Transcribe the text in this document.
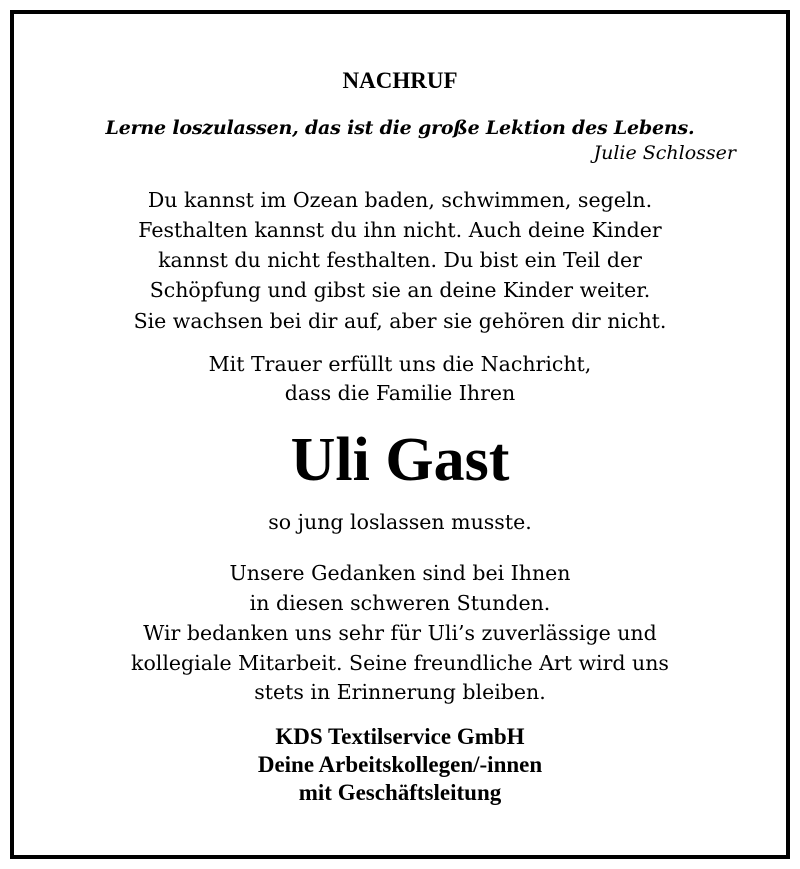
NACHRUF
Lerne loszulassen, das ist die große Lektion des Lebens.
Julie Schlosser
Du kannst im Ozean baden, schwimmen, segeln.
Festhalten kannst du ihn nicht. Auch deine Kinder
kannst du nicht festhalten. Du bist ein Teil der
Schöpfung und gibst sie an deine Kinder weiter.
Sie wachsen bei dir auf, aber sie gehören dir nicht.
Mit Trauer erfüllt uns die Nachricht,
dass die Familie Ihren
Uli Gast
so jung loslassen musste.
Unsere Gedanken sind bei Ihnen
in diesen schweren Stunden.
Wir bedanken uns sehr für Uli’s zuverlässige und
kollegiale Mitarbeit. Seine freundliche Art wird uns
stets in Erinnerung bleiben.
KDS Textilservice GmbH
Deine Arbeitskollegen/-innen
mit Geschäftsleitung
